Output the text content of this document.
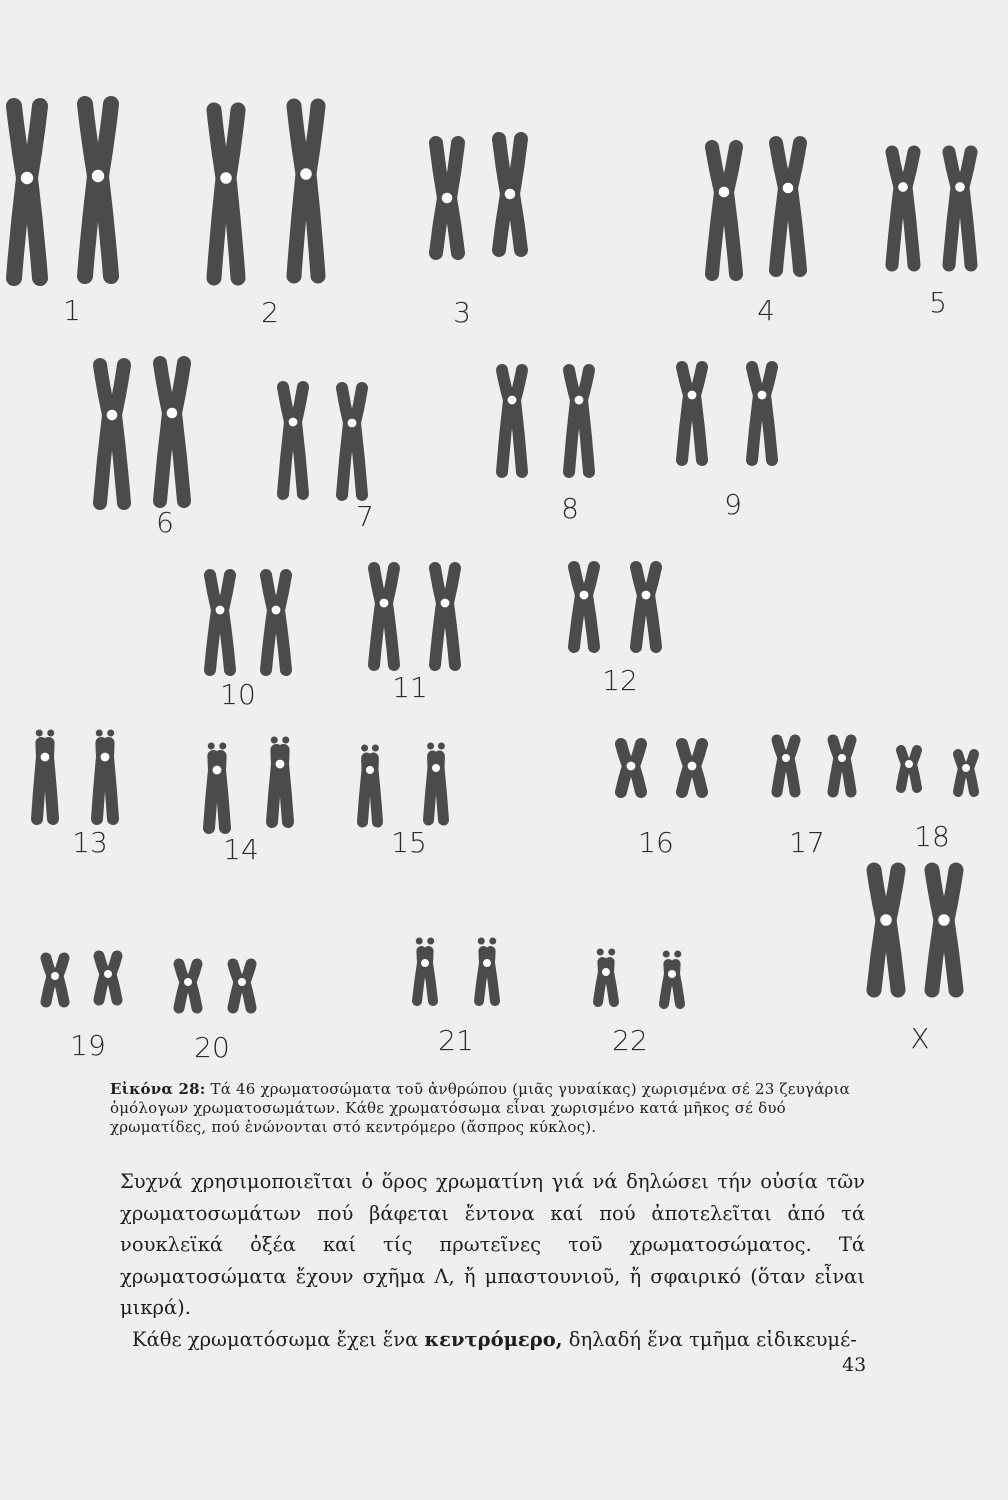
1	2	3	4	5
6	7	8	9
10	11	12
13	14	15	16	17	18
19	20	21	22	X
Εἰκόνα 28: Τά 46 χρωματοσώματα τοῦ ἀνθρώπου (μιᾶς γυναίκας) χωρισμένα σέ 23 ζευγάρια ὁμόλογων χρωματοσωμάτων. Κάθε χρωματόσωμα εἶναι χωρισμένο κατά μῆκος σέ δυό χρωματίδες, πού ἑνώνονται στό κεντρόμερο (ἄσπρος κύκλος).

Συχνά χρησιμοποιεῖται ὁ ὅρος χρωματίνη γιά νά δηλώσει τήν οὐσία τῶν χρωματοσωμάτων πού βάφεται ἔντονα καί πού ἀποτελεῖται ἀπό τά νουκλεϊκά ὀξέα καί τίς πρωτεῖνες τοῦ χρωματοσώματος. Τά χρωματοσώματα ἔχουν σχῆμα Λ, ἤ μπαστουνιοῦ, ἤ σφαιρικό (ὅταν εἶναι μικρά).

Κάθε χρωματόσωμα ἔχει ἕνα κεντρόμερο, δηλαδή ἕνα τμῆμα εἰδικευμέ-

43
